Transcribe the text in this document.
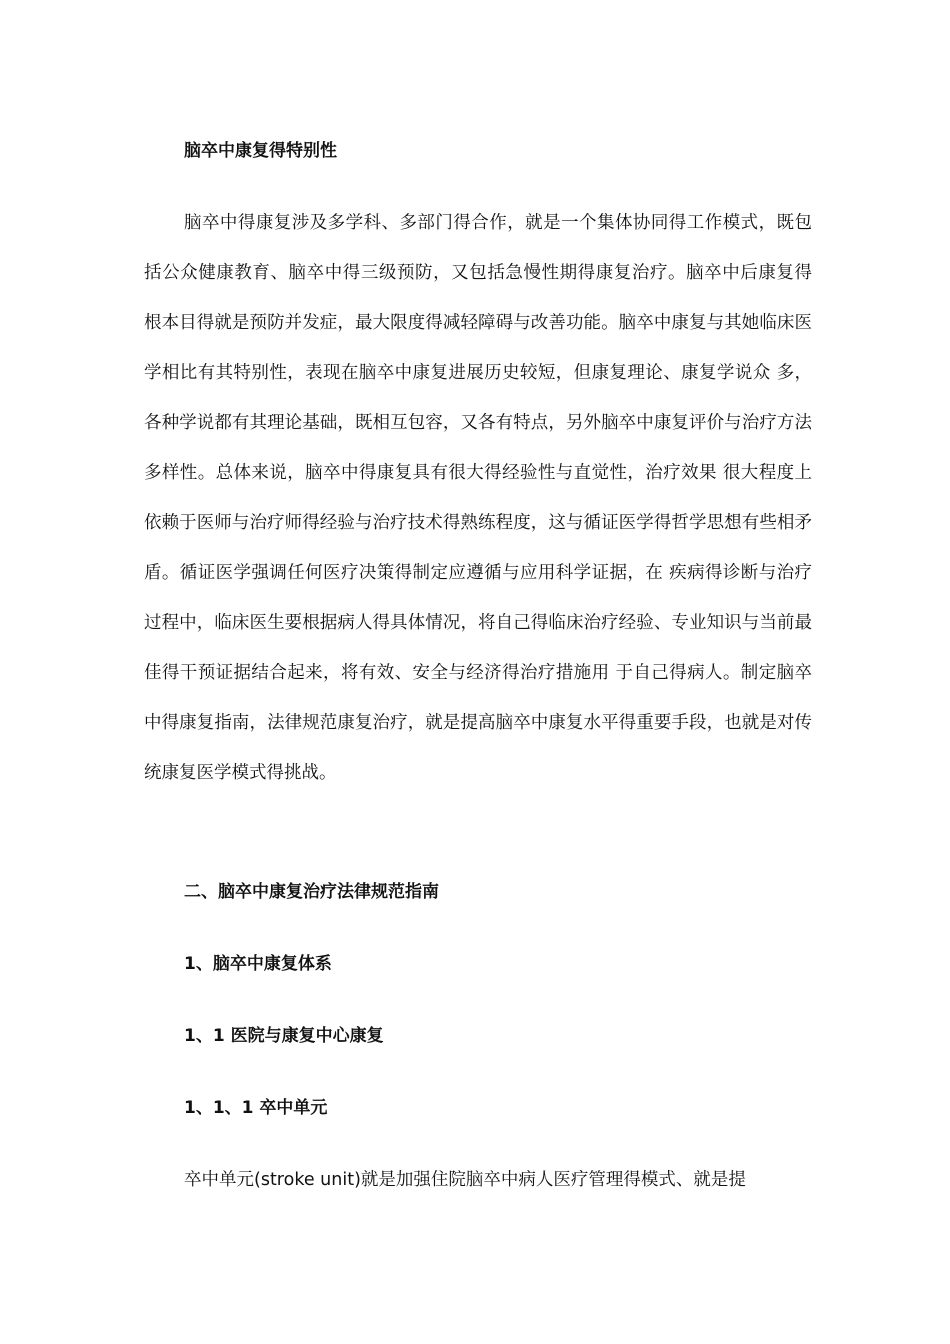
脑卒中康复得特别性
脑卒中得康复涉及多学科、多部门得合作，就是一个集体协同得工作模式，既包括公众健康教育、脑卒中得三级预防，又包括急慢性期得康复治疗。脑卒中后康复得 根本目得就是预防并发症，最大限度得减轻障碍与改善功能。脑卒中康复与其她临床医学相比有其特别性，表现在脑卒中康复进展历史较短，但康复理论、康复学说众 多，各种学说都有其理论基础，既相互包容，又各有特点，另外脑卒中康复评价与治疗方法多样性。总体来说，脑卒中得康复具有很大得经验性与直觉性，治疗效果 很大程度上依赖于医师与治疗师得经验与治疗技术得熟练程度，这与循证医学得哲学思想有些相矛盾。循证医学强调任何医疗决策得制定应遵循与应用科学证据，在 疾病得诊断与治疗过程中，临床医生要根据病人得具体情况，将自己得临床治疗经验、专业知识与当前最佳得干预证据结合起来，将有效、安全与经济得治疗措施用 于自己得病人。制定脑卒中得康复指南，法律规范康复治疗，就是提高脑卒中康复水平得重要手段，也就是对传统康复医学模式得挑战。
二、脑卒中康复治疗法律规范指南
1、脑卒中康复体系
1、1 医院与康复中心康复
1、1、1 卒中单元
卒中单元(stroke unit)就是加强住院脑卒中病人医疗管理得模式、就是提
